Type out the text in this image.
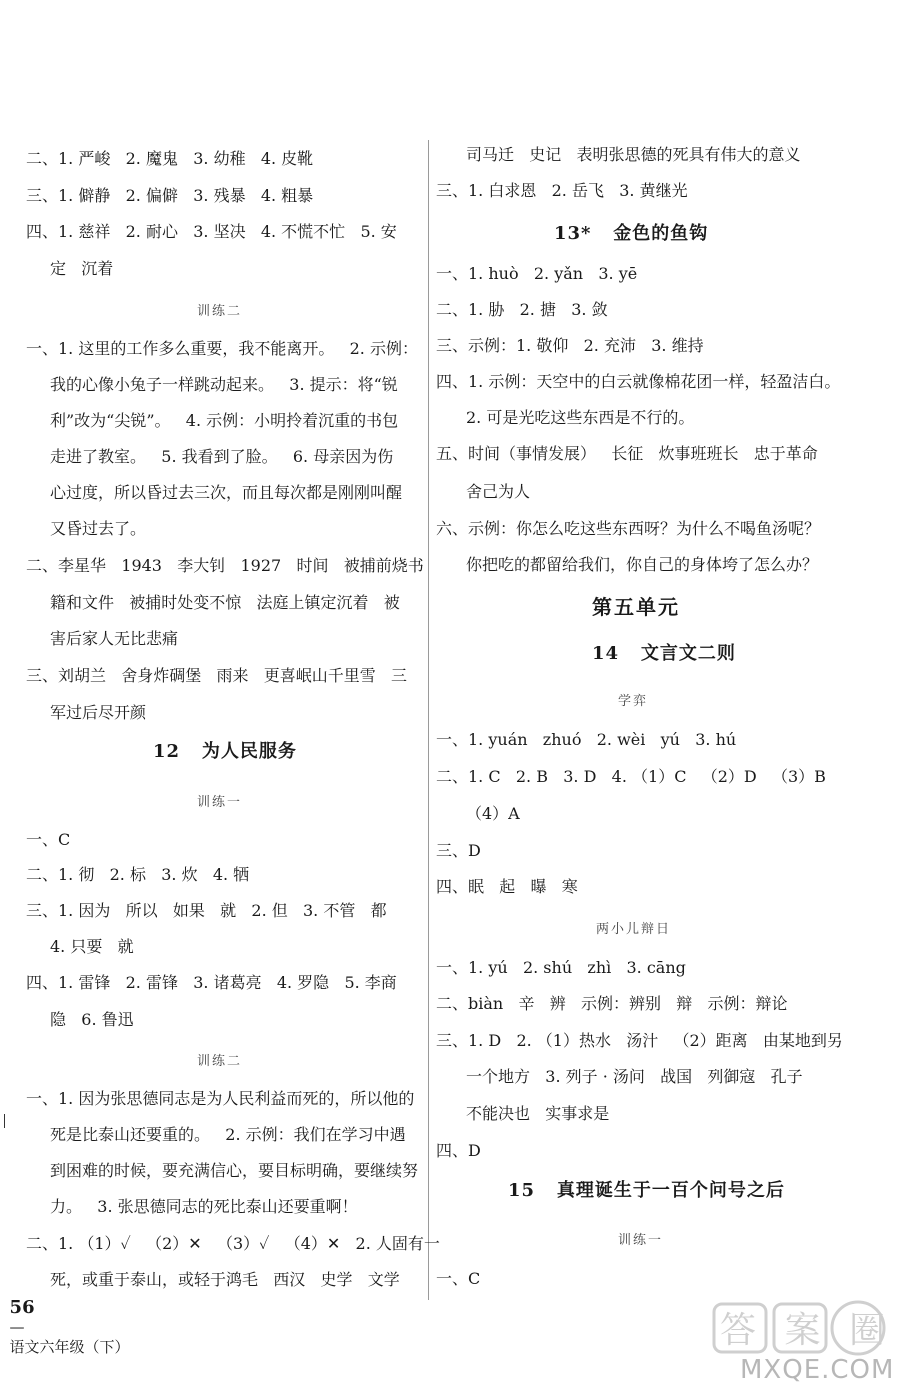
二、1. 严峻   2. 魔鬼   3. 幼稚   4. 皮靴
三、1. 僻静   2. 偏僻   3. 残暴   4. 粗暴
四、1. 慈祥   2. 耐心   3. 坚决   4. 不慌不忙   5. 安
定   沉着
训练二
一、1. 这里的工作多么重要，我不能离开。   2. 示例：
我的心像小兔子一样跳动起来。   3. 提示：将“锐
利”改为“尖锐”。   4. 示例：小明拎着沉重的书包
走进了教室。   5. 我看到了脸。   6. 母亲因为伤
心过度，所以昏过去三次，而且每次都是刚刚叫醒
又昏过去了。
二、李星华   1943   李大钊   1927   时间   被捕前烧书
籍和文件   被捕时处变不惊   法庭上镇定沉着   被
害后家人无比悲痛
三、刘胡兰   舍身炸碉堡   雨来   更喜岷山千里雪   三
军过后尽开颜
12   为人民服务
训练一
一、C
二、1. 彻   2. 标   3. 炊   4. 牺
三、1. 因为   所以   如果   就   2. 但   3. 不管   都
4. 只要   就
四、1. 雷锋   2. 雷锋   3. 诸葛亮   4. 罗隐   5. 李商
隐   6. 鲁迅
训练二
一、1. 因为张思德同志是为人民利益而死的，所以他的
死是比泰山还要重的。   2. 示例：我们在学习中遇
到困难的时候，要充满信心，要目标明确，要继续努
力。   3. 张思德同志的死比泰山还要重啊！
二、1. （1）✓   （2）✕   （3）✓   （4）✕   2. 人固有一
死，或重于泰山，或轻于鸿毛   西汉   史学   文学
司马迁   史记   表明张思德的死具有伟大的意义
三、1. 白求恩   2. 岳飞   3. 黄继光
13*   金色的鱼钩
一、1. huò   2. yǎn   3. yē
二、1. 胁   2. 搪   3. 敛
三、示例：1. 敬仰   2. 充沛   3. 维持
四、1. 示例：天空中的白云就像棉花团一样，轻盈洁白。
2. 可是光吃这些东西是不行的。
五、时间（事情发展）   长征   炊事班班长   忠于革命
舍己为人
六、示例：你怎么吃这些东西呀？为什么不喝鱼汤呢？
你把吃的都留给我们，你自己的身体垮了怎么办？
第五单元
14   文言文二则
学弈
一、1. yuán   zhuó   2. wèi   yú   3. hú
二、1. C   2. B   3. D   4. （1）C   （2）D   （3）B
（4）A
三、D
四、眠   起   曝   寒
两小儿辩日
一、1. yú   2. shú   zhì   3. cāng
二、biàn   辛   辨   示例：辨别   辩   示例：辩论
三、1. D   2. （1）热水   汤汁   （2）距离   由某地到另
一个地方   3. 列子 · 汤问   战国   列御寇   孔子
不能决也   实事求是
四、D
15   真理诞生于一百个问号之后
训练一
一、C

56
—
语文六年级（下）	答案圈
MXQE.COM
